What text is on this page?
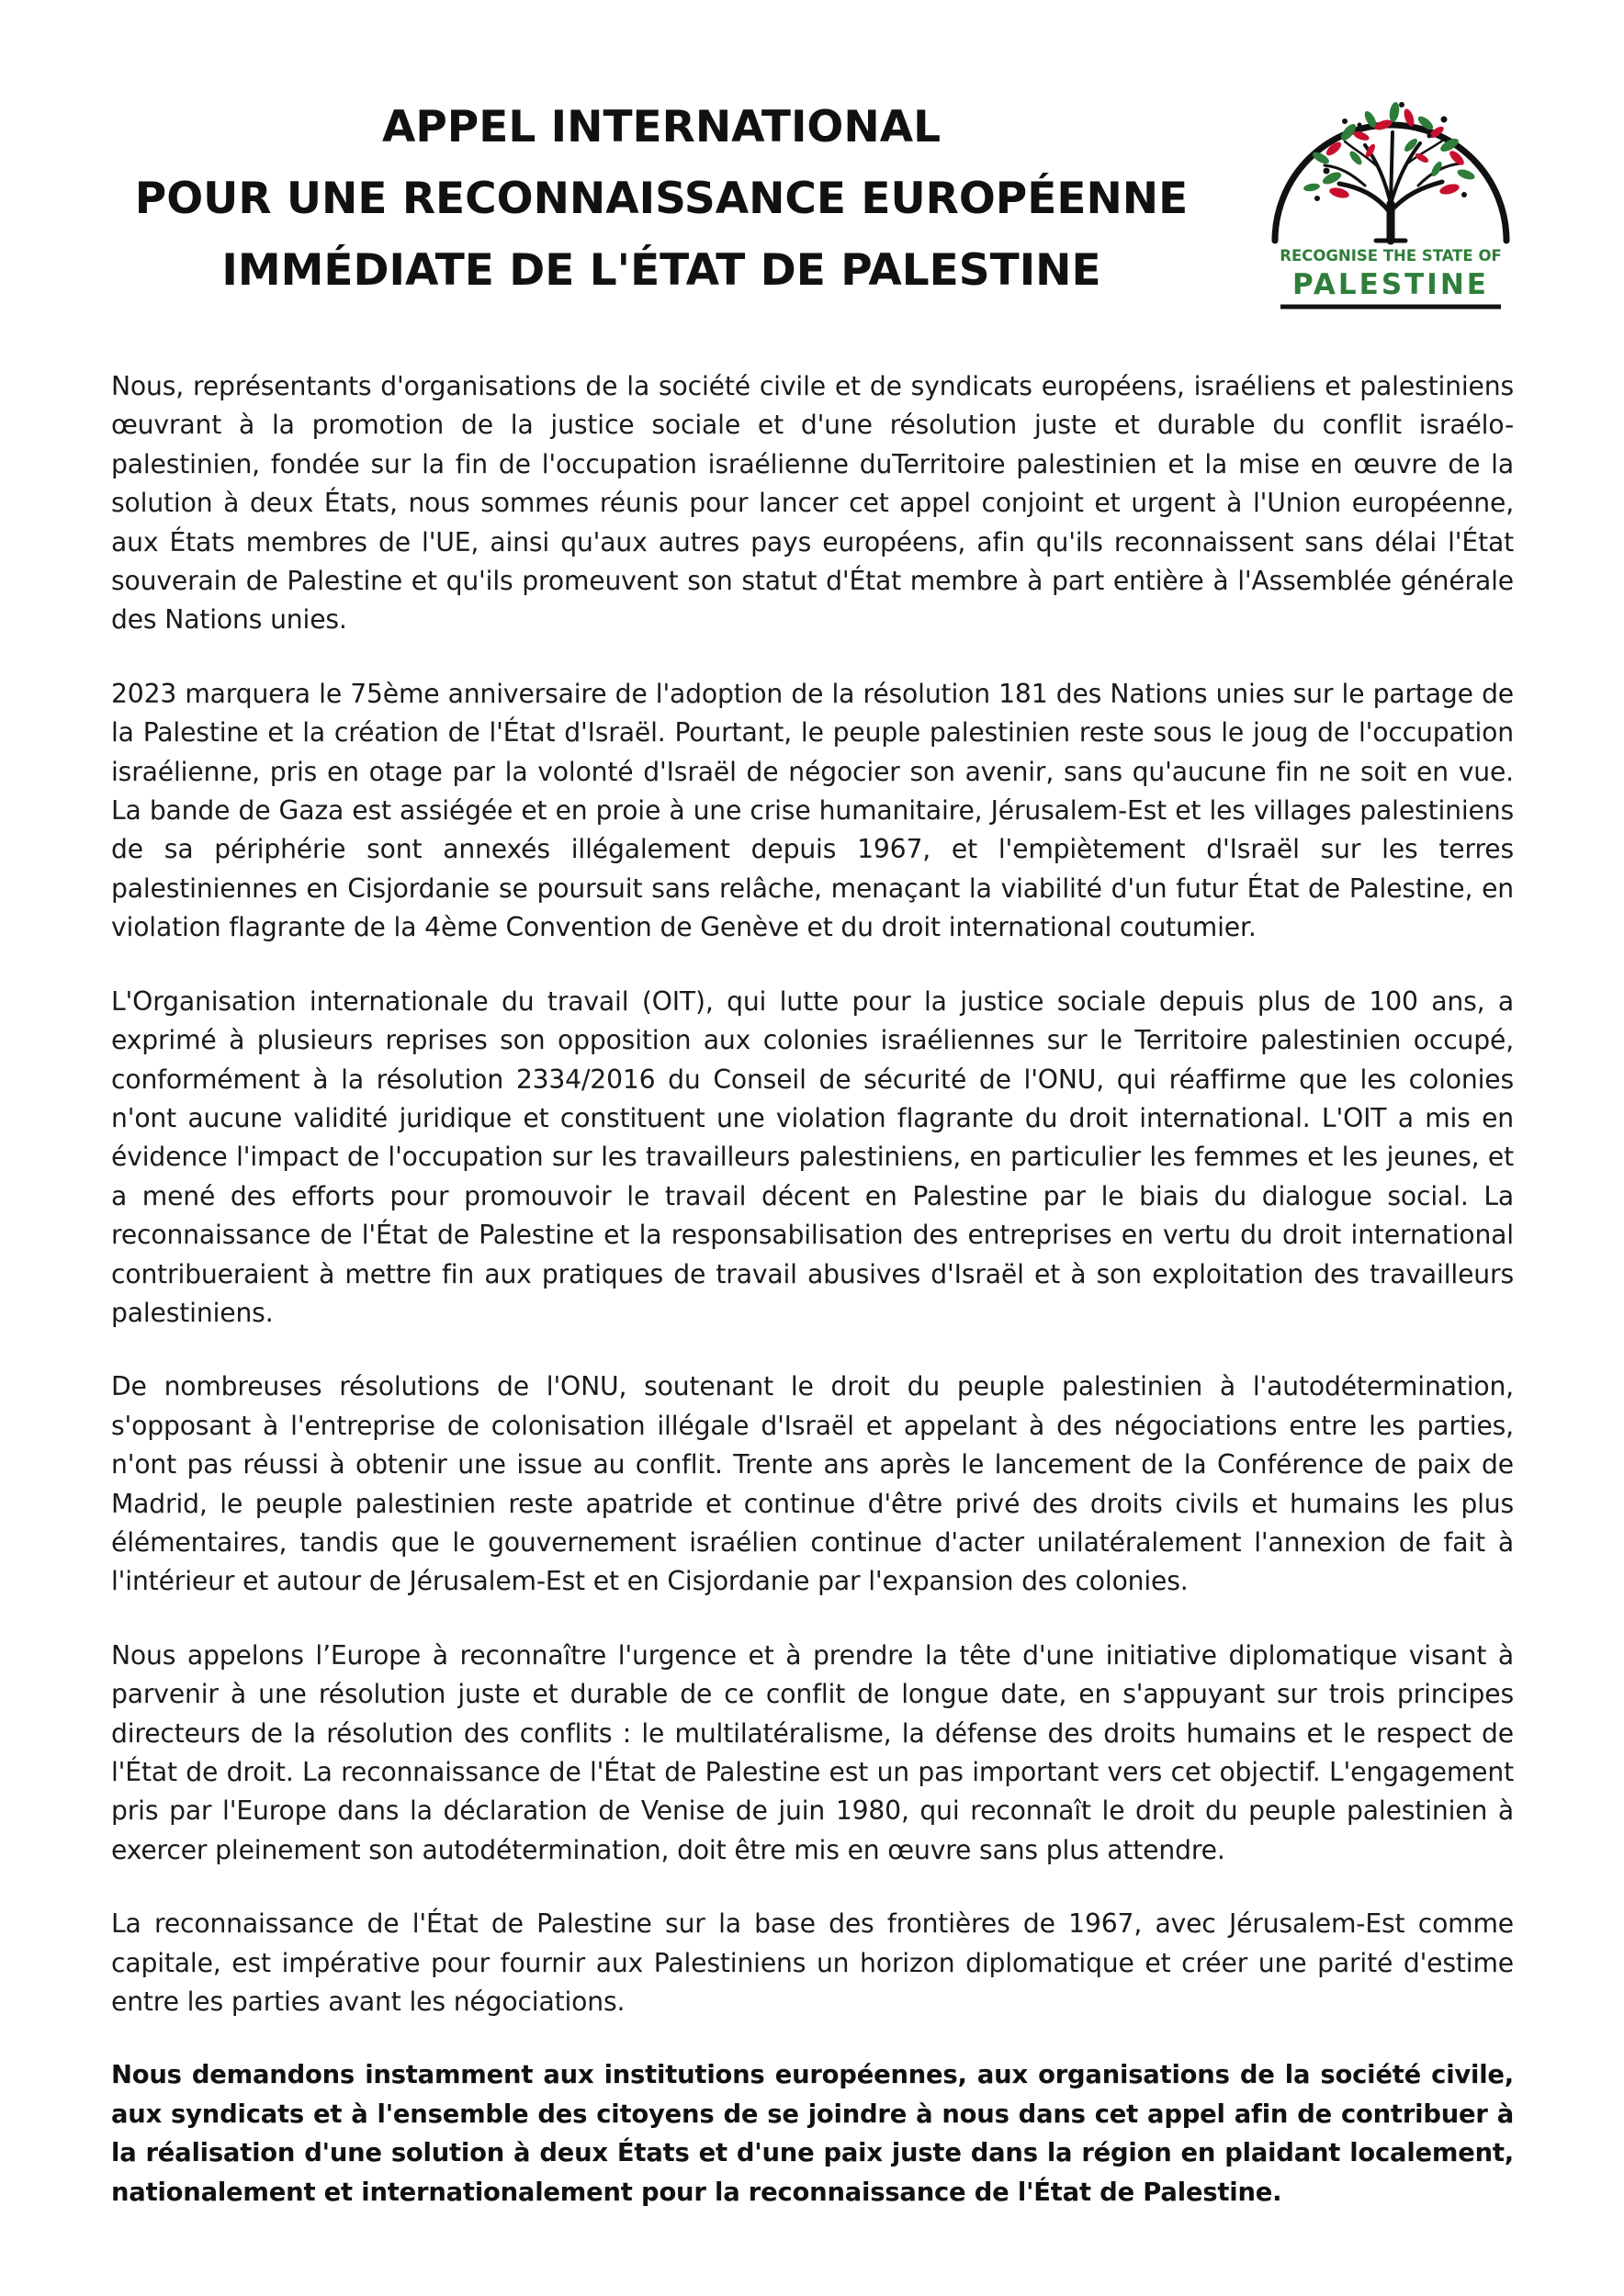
APPEL INTERNATIONAL
POUR UNE RECONNAISSANCE EUROPÉENNE
IMMÉDIATE DE L'ÉTAT DE PALESTINE	RECOGNISE THE STATE OF
PALESTINE

Nous, représentants d'organisations de la société civile et de syndicats européens, israéliens et palestiniens œuvrant à la promotion de la justice sociale et d'une résolution juste et durable du conflit israélo-palestinien, fondée sur la fin de l'occupation israélienne duTerritoire palestinien et la mise en œuvre de la solution à deux États, nous sommes réunis pour lancer cet appel conjoint et urgent à l'Union européenne, aux États membres de l'UE, ainsi qu'aux autres pays européens, afin qu'ils reconnaissent sans délai l'État souverain de Palestine et qu'ils promeuvent son statut d'État membre à part entière à l'Assemblée générale des Nations unies.

2023 marquera le 75ème anniversaire de l'adoption de la résolution 181 des Nations unies sur le partage de la Palestine et la création de l'État d'Israël. Pourtant, le peuple palestinien reste sous le joug de l'occupation israélienne, pris en otage par la volonté d'Israël de négocier son avenir, sans qu'aucune fin ne soit en vue. La bande de Gaza est assiégée et en proie à une crise humanitaire, Jérusalem-Est et les villages palestiniens de sa périphérie sont annexés illégalement depuis 1967, et l'empiètement d'Israël sur les terres palestiniennes en Cisjordanie se poursuit sans relâche, menaçant la viabilité d'un futur État de Palestine, en violation flagrante de la 4ème Convention de Genève et du droit international coutumier.

L'Organisation internationale du travail (OIT), qui lutte pour la justice sociale depuis plus de 100 ans, a exprimé à plusieurs reprises son opposition aux colonies israéliennes sur le Territoire palestinien occupé, conformément à la résolution 2334/2016 du Conseil de sécurité de l'ONU, qui réaffirme que les colonies n'ont aucune validité juridique et constituent une violation flagrante du droit international. L'OIT a mis en évidence l'impact de l'occupation sur les travailleurs palestiniens, en particulier les femmes et les jeunes, et a mené des efforts pour promouvoir le travail décent en Palestine par le biais du dialogue social. La reconnaissance de l'État de Palestine et la responsabilisation des entreprises en vertu du droit international contribueraient à mettre fin aux pratiques de travail abusives d'Israël et à son exploitation des travailleurs palestiniens.

De nombreuses résolutions de l'ONU, soutenant le droit du peuple palestinien à l'autodétermination, s'opposant à l'entreprise de colonisation illégale d'Israël et appelant à des négociations entre les parties, n'ont pas réussi à obtenir une issue au conflit. Trente ans après le lancement de la Conférence de paix de Madrid, le peuple palestinien reste apatride et continue d'être privé des droits civils et humains les plus élémentaires, tandis que le gouvernement israélien continue d'acter unilatéralement l'annexion de fait à l'intérieur et autour de Jérusalem-Est et en Cisjordanie par l'expansion des colonies.

Nous appelons l’Europe à reconnaître l'urgence et à prendre la tête d'une initiative diplomatique visant à parvenir à une résolution juste et durable de ce conflit de longue date, en s'appuyant sur trois principes directeurs de la résolution des conflits : le multilatéralisme, la défense des droits humains et le respect de l'État de droit. La reconnaissance de l'État de Palestine est un pas important vers cet objectif. L'engagement pris par l'Europe dans la déclaration de Venise de juin 1980, qui reconnaît le droit du peuple palestinien à exercer pleinement son autodétermination, doit être mis en œuvre sans plus attendre.

La reconnaissance de l'État de Palestine sur la base des frontières de 1967, avec Jérusalem-Est comme capitale, est impérative pour fournir aux Palestiniens un horizon diplomatique et créer une parité d'estime entre les parties avant les négociations.

Nous demandons instamment aux institutions européennes, aux organisations de la société civile, aux syndicats et à l'ensemble des citoyens de se joindre à nous dans cet appel afin de contribuer à la réalisation d'une solution à deux États et d'une paix juste dans la région en plaidant localement, nationalement et internationalement pour la reconnaissance de l'État de Palestine.
